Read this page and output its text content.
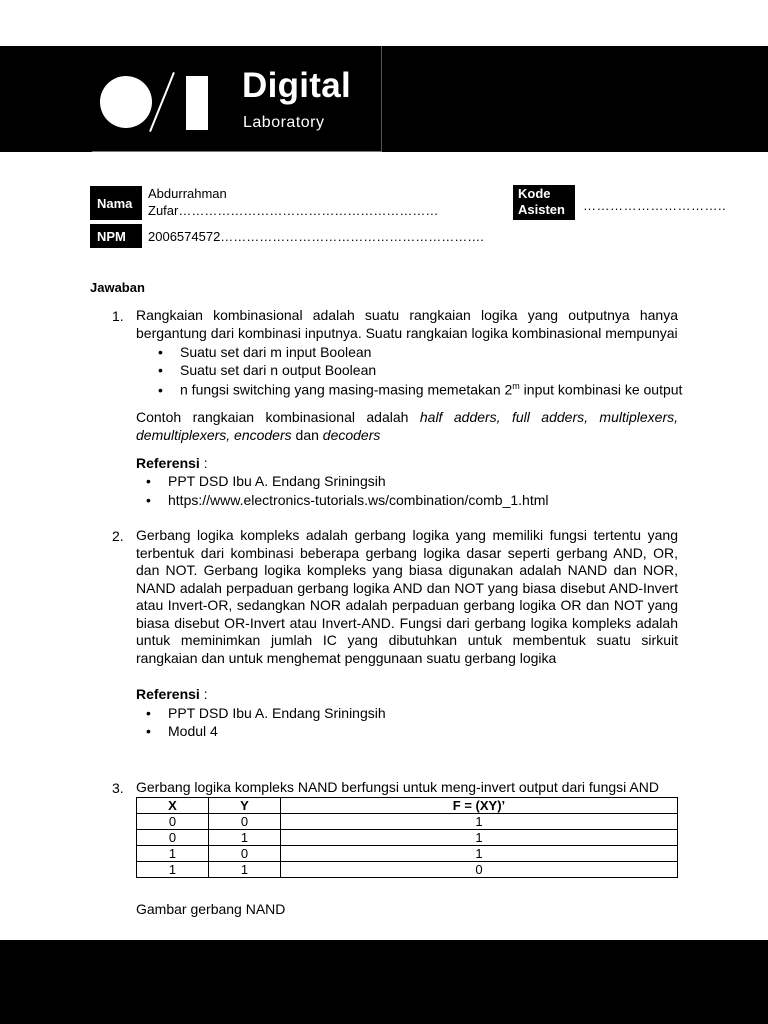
Digital
Laboratory
Nama
Abdurrahman
Zufar……………………………………………………
NPM	2006574572…………………………………………………….
Kode
Asisten	…………………………..
Jawaban
1. Rangkaian kombinasional adalah suatu rangkaian logika yang outputnya hanya bergantung dari kombinasi inputnya. Suatu rangkaian logika kombinasional mempunyai
• Suatu set dari m input Boolean
• Suatu set dari n output Boolean
• n fungsi switching yang masing-masing memetakan 2$^m$ input kombinasi ke output
Contoh rangkaian kombinasional adalah half adders, full adders, multiplexers, demultiplexers, encoders dan decoders
Referensi :
• PPT DSD Ibu A. Endang Sriningsih
• https://www.electronics-tutorials.ws/combination/comb_1.html
2. Gerbang logika kompleks adalah gerbang logika yang memiliki fungsi tertentu yang terbentuk dari kombinasi beberapa gerbang logika dasar seperti gerbang AND, OR, dan NOT. Gerbang logika kompleks yang biasa digunakan adalah NAND dan NOR, NAND adalah perpaduan gerbang logika AND dan NOT yang biasa disebut AND-Invert atau Invert-OR, sedangkan NOR adalah perpaduan gerbang logika OR dan NOT yang biasa disebut OR-Invert atau Invert-AND. Fungsi dari gerbang logika kompleks adalah untuk meminimkan jumlah IC yang dibutuhkan untuk membentuk suatu sirkuit rangkaian dan untuk menghemat penggunaan suatu gerbang logika
Referensi :
• PPT DSD Ibu A. Endang Sriningsih
• Modul 4
3. Gerbang logika kompleks NAND berfungsi untuk meng-invert output dari fungsi AND
X	Y	F = (XY)’
0	0	1
0	1	1
1	0	1
1	1	0
Gambar gerbang NAND
